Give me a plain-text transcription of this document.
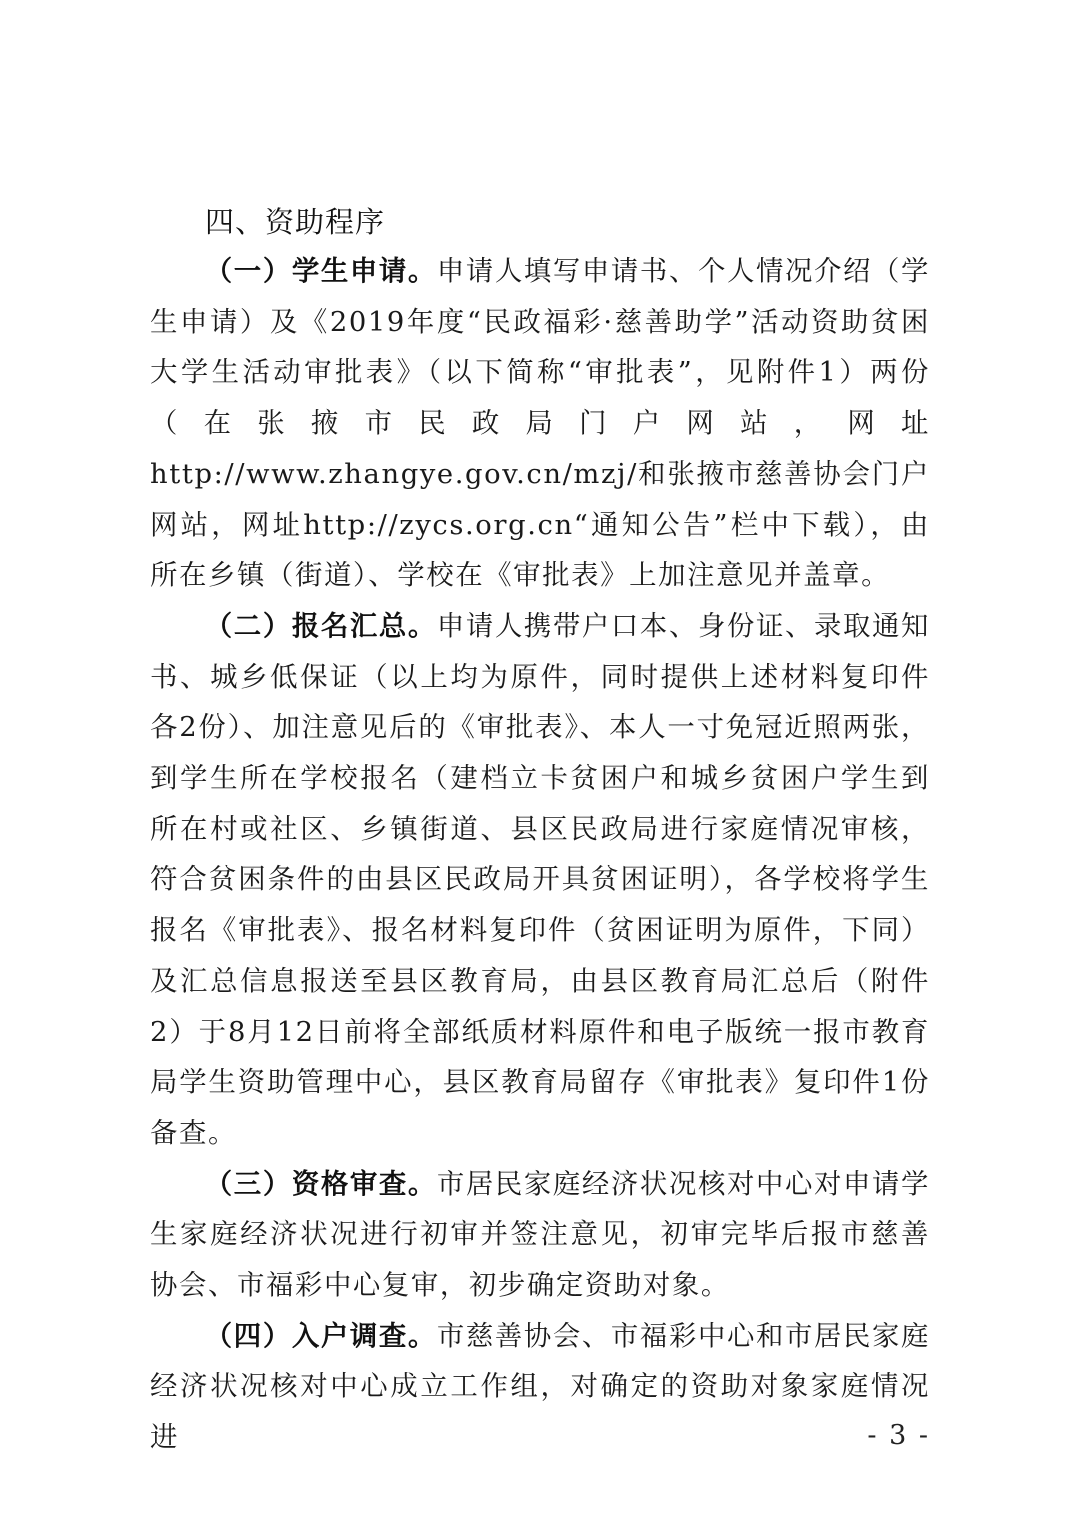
四、资助程序

（一）学生申请。申请人填写申请书、个人情况介绍（学生申请）及《2019年度“民政福彩·慈善助学”活动资助贫困大学生活动审批表》（以下简称“审批表”，见附件1）两份（在张掖市民政局门户网站，网址http://www.zhangye.gov.cn/mzj/和张掖市慈善协会门户网站，网址http://zycs.org.cn“通知公告”栏中下载），由所在乡镇（街道）、学校在《审批表》上加注意见并盖章。

（二）报名汇总。申请人携带户口本、身份证、录取通知书、城乡低保证（以上均为原件，同时提供上述材料复印件各2份）、加注意见后的《审批表》、本人一寸免冠近照两张，到学生所在学校报名（建档立卡贫困户和城乡贫困户学生到所在村或社区、乡镇街道、县区民政局进行家庭情况审核，符合贫困条件的由县区民政局开具贫困证明），各学校将学生报名《审批表》、报名材料复印件（贫困证明为原件，下同）及汇总信息报送至县区教育局，由县区教育局汇总后（附件2）于8月12日前将全部纸质材料原件和电子版统一报市教育局学生资助管理中心，县区教育局留存《审批表》复印件1份备查。

（三）资格审查。市居民家庭经济状况核对中心对申请学生家庭经济状况进行初审并签注意见，初审完毕后报市慈善协会、市福彩中心复审，初步确定资助对象。

（四）入户调查。市慈善协会、市福彩中心和市居民家庭经济状况核对中心成立工作组，对确定的资助对象家庭情况进	- 3 -
